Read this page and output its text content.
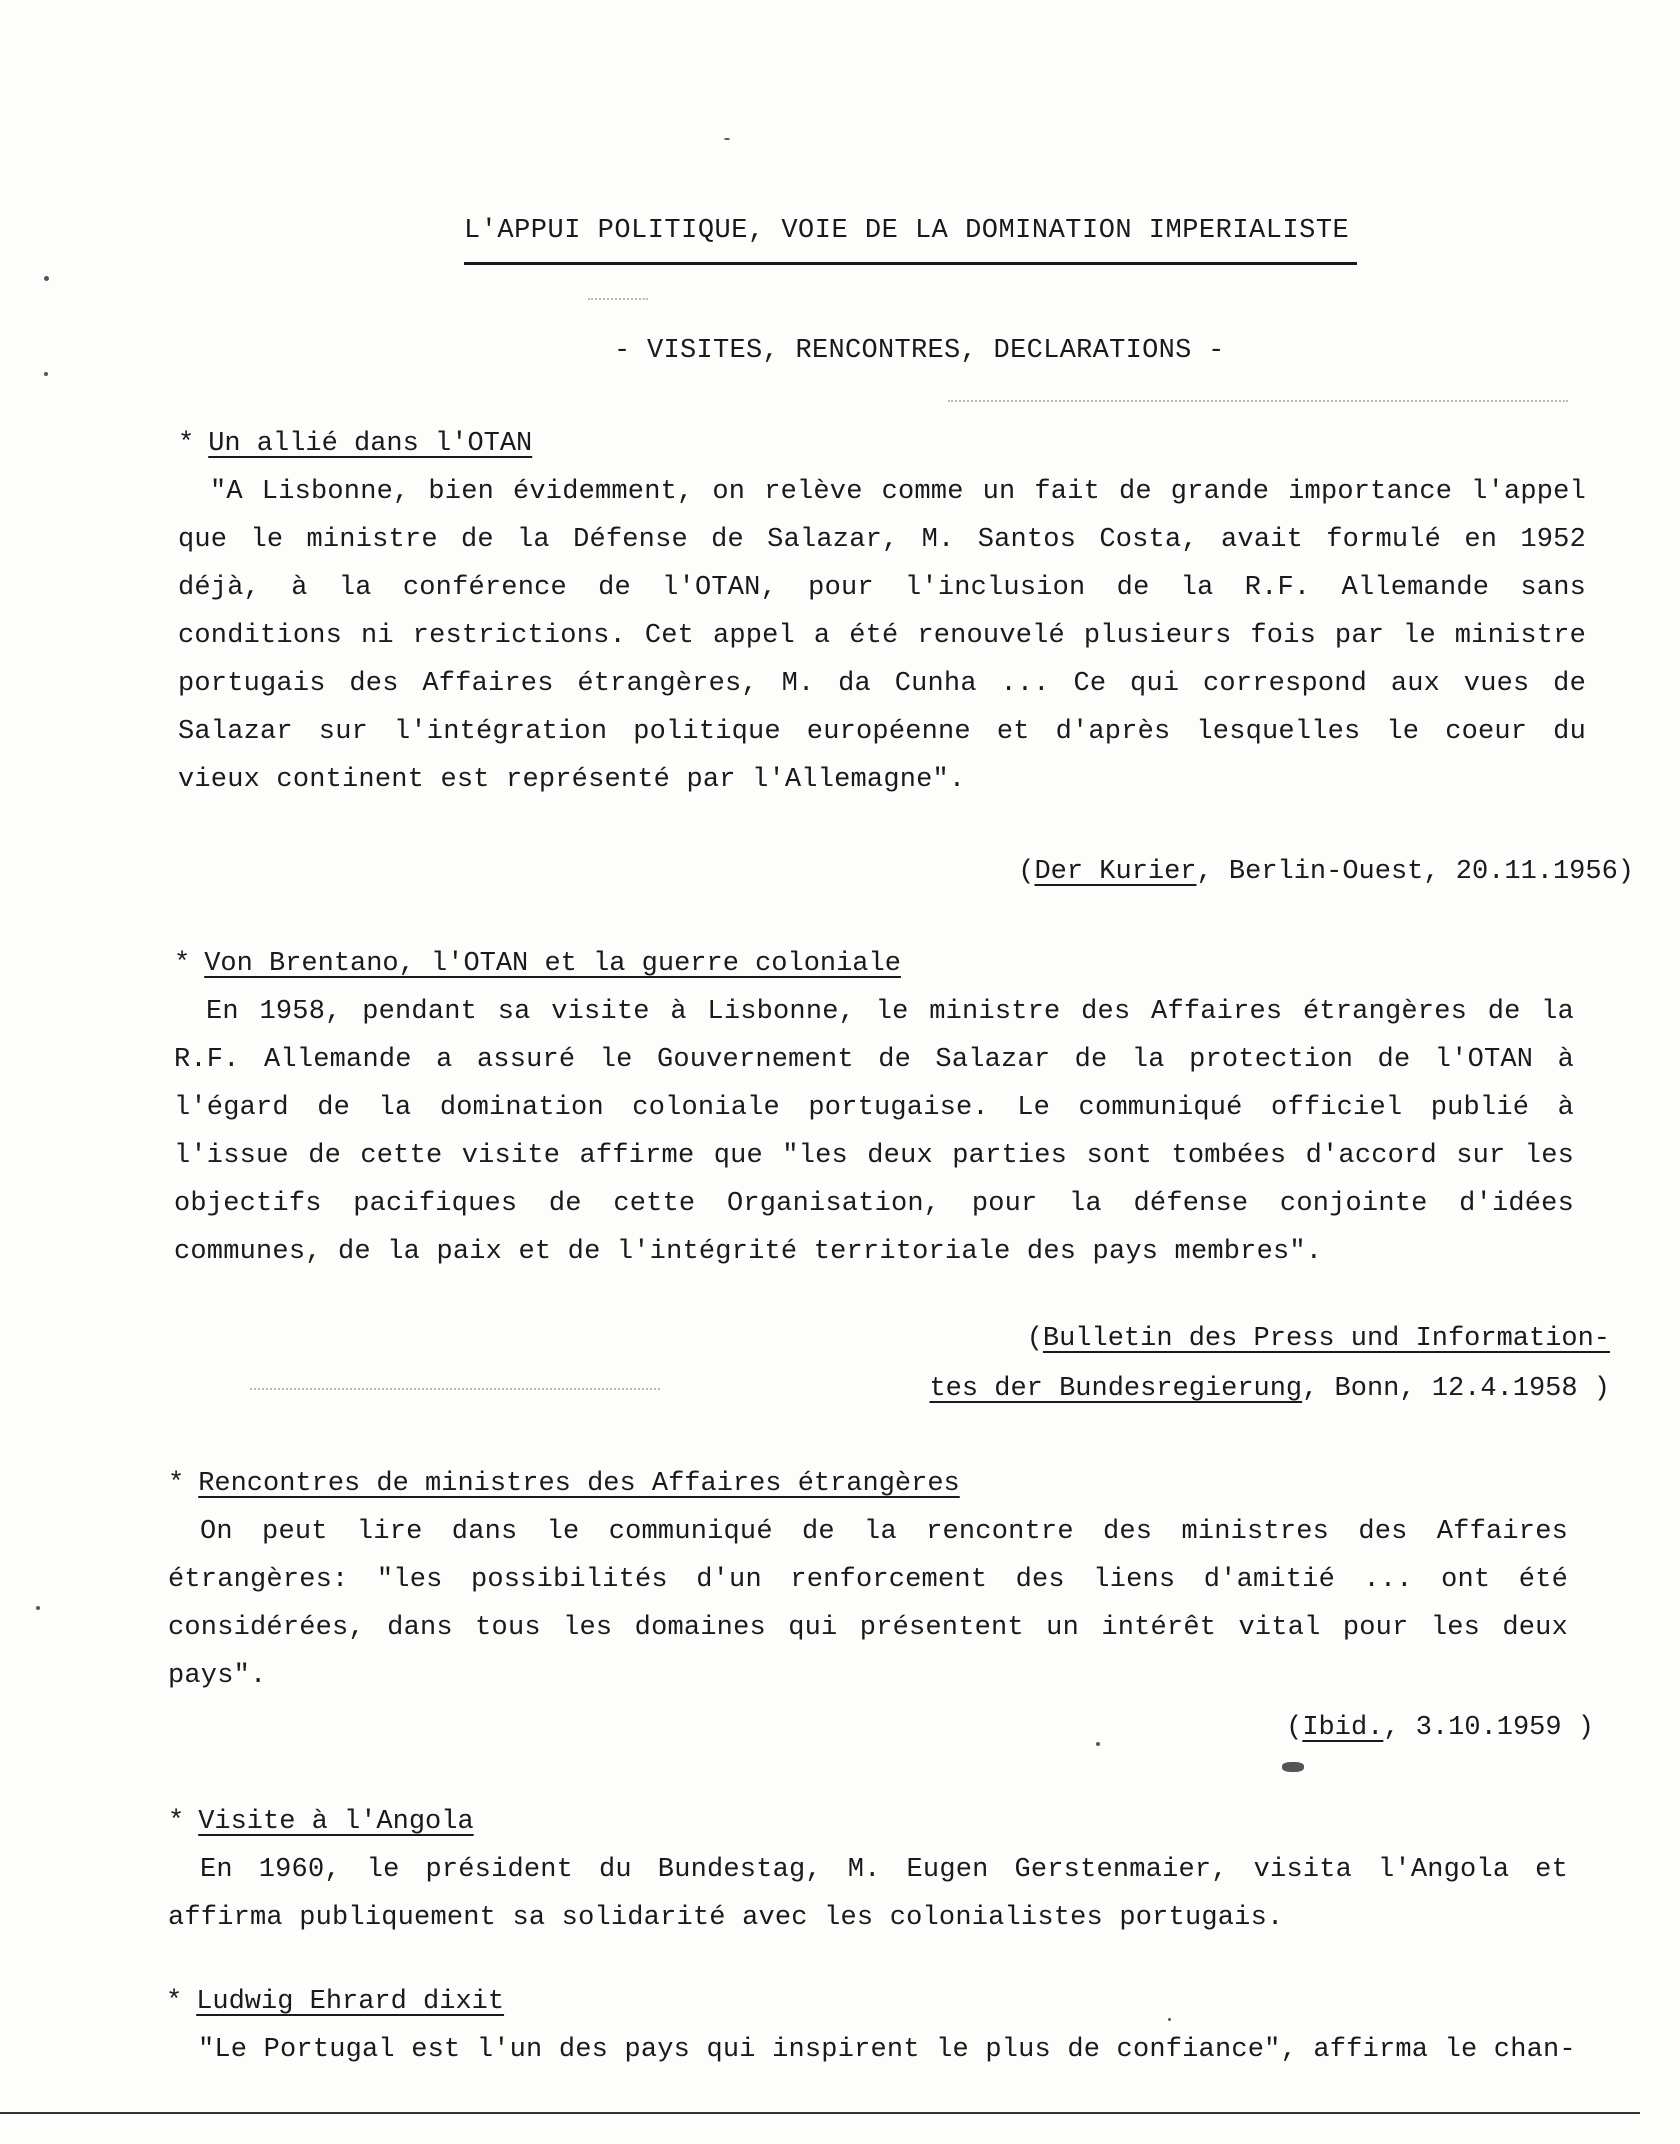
L'APPUI POLITIQUE, VOIE DE LA DOMINATION IMPERIALISTE
- VISITES, RENCONTRES, DECLARATIONS -
* Un allié dans l'OTAN

"A Lisbonne, bien évidemment, on relève comme un fait de grande importance l'appel que le ministre de la Défense de Salazar, M. Santos Costa, avait formulé en 1952 déjà, à la conférence de l'OTAN, pour l'inclusion de la R.F. Allemande sans conditions ni restrictions. Cet appel a été renouvelé plusieurs fois par le ministre portugais des Affaires étrangères, M. da Cunha ... Ce qui correspond aux vues de Salazar sur l'intégration politique européenne et d'après lesquelles le coeur du vieux continent est représenté par l'Allemagne".

(Der Kurier, Berlin-Ouest, 20.11.1956)
* Von Brentano, l'OTAN et la guerre coloniale

En 1958, pendant sa visite à Lisbonne, le ministre des Affaires étrangères de la R.F. Allemande a assuré le Gouvernement de Salazar de la protection de l'OTAN à l'égard de la domination coloniale portugaise. Le communiqué officiel publié à l'issue de cette visite affirme que "les deux parties sont tombées d'accord sur les objectifs pacifiques de cette Organisation, pour la défense conjointe d'idées communes, de la paix et de l'intégrité territoriale des pays membres".

(Bulletin des Press und Information-
tes der Bundesregierung, Bonn, 12.4.1958 )
* Rencontres de ministres des Affaires étrangères

On peut lire dans le communiqué de la rencontre des ministres des Affaires étrangères: "les possibilités d'un renforcement des liens d'amitié ... ont été considérées, dans tous les domaines qui présentent un intérêt vital pour les deux pays".

(Ibid., 3.10.1959 )
* Visite à l'Angola

En 1960, le président du Bundestag, M. Eugen Gerstenmaier, visita l'Angola et affirma publiquement sa solidarité avec les colonialistes portugais.

* Ludwig Ehrard dixit

"Le Portugal est l'un des pays qui inspirent le plus de confiance", affirma le chan-
